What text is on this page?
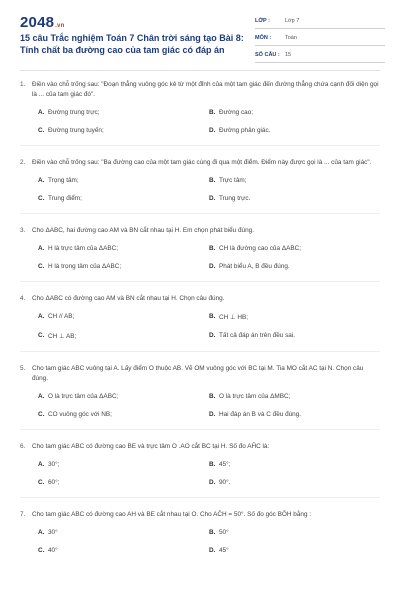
2048.vn
15 câu Trắc nghiệm Toán 7 Chân trời sáng tạo Bài 8: Tính chất ba đường cao của tam giác có đáp án
LỚP :	Lớp 7
MÔN :	Toán
SỐ CÂU : 15
1.	Điền vào chỗ trống sau: "Đoạn thẳng vuông góc kẻ từ một đỉnh của một tam giác đến đường thẳng chứa cạnh đối diện gọi là ... của tam giác đó".
A. Đường trung trực;	B. Đường cao;
C. Đường trung tuyến;	D. Đường phân giác.
2.	Điền vào chỗ trống sau: "Ba đường cao của một tam giác cùng đi qua một điểm. Điểm này được gọi là ... của tam giác".
A. Trọng tâm;	B. Trực tâm;
C. Trung điểm;	D. Trung trực.
3.	Cho ΔABC, hai đường cao AM và BN cắt nhau tại H. Em chọn phát biểu đúng.
A. H là trực tâm của ΔABC;	B. CH là đường cao của ΔABC;
C. H là trọng tâm của ΔABC;	D. Phát biểu A, B đều đúng.
4.	Cho ΔABC có đường cao AM và BN cắt nhau tại H. Chọn câu đúng.
A. CH // AB;	B. CH ⊥ HB;
C. CH ⊥ AB;	D. Tất cả đáp án trên đều sai.
5.	Cho tam giác ABC vuông tại A. Lấy điểm O thuộc AB. Vẽ OM vuông góc với BC tại M. Tia MO cắt AC tại N. Chọn câu đúng.
A. O là trực tâm của ΔABC;	B. O là trực tâm của ΔMBC;
C. CO vuông góc với NB;	D. Hai đáp án B và C đều đúng.
6.	Cho tam giác ABC có đường cao BE và trực tâm O .AO cắt BC tại H. Số đo AĤC là:
A. 30°;	B. 45°;
C. 60°;	D. 90°.
7.	Cho tam giác ABC có đường cao AH và BE cắt nhau tại O. Cho AĈH = 50°. Số đo góc BÔH bằng :
A. 30°	B. 50°
C. 40°	D. 45°
